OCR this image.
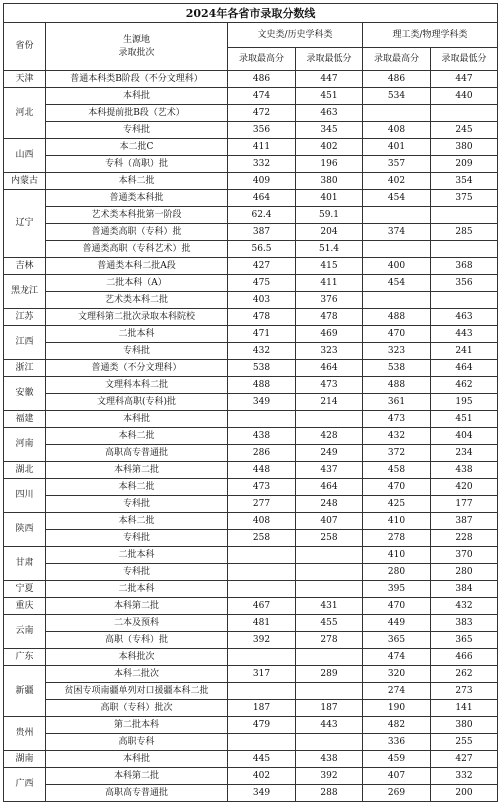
2024年各省市录取分数线					
省份	生源地
录取批次	文史类/历史学科类		理工类/物理学科类	
		录取最高分	录取最低分	录取最高分	录取最低分
天津	普通本科类B阶段（不分文理科）	486	447	486	447
河北	本科批	474	451	534	440
	本科提前批B段（艺术）	472	463		
	专科批	356	345	408	245
山西	本二批C	411	402	401	380
	专科（高职）批	332	196	357	209
内蒙古	本科二批	409	380	402	354
辽宁	普通类本科批	464	401	454	375
	艺术类本科批第一阶段	62.4	59.1		
	普通类高职（专科）批	387	204	374	285
	普通类高职（专科艺术）批	56.5	51.4		
吉林	普通类本科二批A段	427	415	400	368
黑龙江	二批本科（A）	475	411	454	356
	艺术类本科二批	403	376		
江苏	文理科第二批次录取本科院校	478	478	488	463
江西	二批本科	471	469	470	443
	专科批	432	323	323	241
浙江	普通类（不分文理科）	538	464	538	464
安徽	文理科本科二批	488	473	488	462
	文理科高职(专科)批	349	214	361	195
福建	本科批			473	451
河南	本科二批	438	428	432	404
	高职高专普通批	286	249	372	234
湖北	本科第二批	448	437	458	438
四川	本科二批	473	464	470	420
	专科批	277	248	425	177
陕西	本科二批	408	407	410	387
	专科批	258	258	278	228
甘肃	二批本科			410	370
	专科批			280	280
宁夏	二批本科			395	384
重庆	本科第二批	467	431	470	432
云南	二本及预科	481	455	449	383
	高职（专科）批	392	278	365	365
广东	本科批次			474	466
新疆	本科二批次	317	289	320	262
	贫困专项南疆单列对口援疆本科二批			274	273
	高职（专科）批次	187	187	190	141
贵州	第二批本科	479	443	482	380
	高职专科			336	255
湖南	本科批	445	438	459	427
广西	本科第二批	402	392	407	332
	高职高专普通批	349	288	269	200
